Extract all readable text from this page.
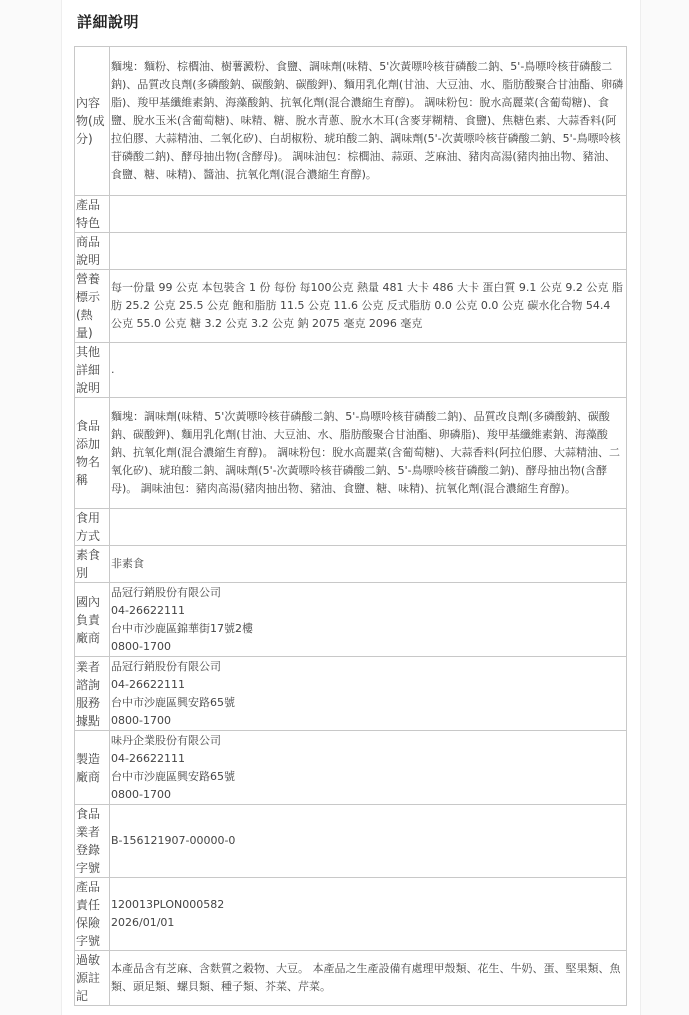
詳細說明
內容物(成分)	麵塊：麵粉、棕櫚油、樹薯澱粉、食鹽、調味劑(味精、5'次黃嘌呤核苷磷酸二鈉、5'-鳥嘌呤核苷磷酸二鈉)、品質改良劑(多磷酸鈉、碳酸鈉、碳酸鉀)、麵用乳化劑(甘油、大豆油、水、脂肪酸聚合甘油酯、卵磷脂)、羧甲基纖維素鈉、海藻酸鈉、抗氧化劑(混合濃縮生育醇)。 調味粉包：脫水高麗菜(含葡萄糖)、食鹽、脫水玉米(含葡萄糖)、味精、糖、脫水青蔥、脫水木耳(含麥芽糊精、食鹽)、焦糖色素、大蒜香料(阿拉伯膠、大蒜精油、二氧化矽)、白胡椒粉、琥珀酸二鈉、調味劑(5'-次黃嘌呤核苷磷酸二鈉、5'-鳥嘌呤核苷磷酸二鈉)、酵母抽出物(含酵母)。 調味油包：棕櫚油、蒜頭、芝麻油、豬肉高湯(豬肉抽出物、豬油、食鹽、糖、味精)、醬油、抗氧化劑(混合濃縮生育醇)。
產品特色	
商品說明	
營養標示(熱量)	每一份量 99 公克 本包裝含 1 份 每份 每100公克 熱量 481 大卡 486 大卡 蛋白質 9.1 公克 9.2 公克 脂肪 25.2 公克 25.5 公克 飽和脂肪 11.5 公克 11.6 公克 反式脂肪 0.0 公克 0.0 公克 碳水化合物 54.4 公克 55.0 公克 糖 3.2 公克 3.2 公克 鈉 2075 毫克 2096 毫克
其他詳細說明	.
食品添加物名稱	麵塊：調味劑(味精、5'次黃嘌呤核苷磷酸二鈉、5'-鳥嘌呤核苷磷酸二鈉)、品質改良劑(多磷酸鈉、碳酸鈉、碳酸鉀)、麵用乳化劑(甘油、大豆油、水、脂肪酸聚合甘油酯、卵磷脂)、羧甲基纖維素鈉、海藻酸鈉、抗氧化劑(混合濃縮生育醇)。 調味粉包：脫水高麗菜(含葡萄糖)、大蒜香料(阿拉伯膠、大蒜精油、二氧化矽)、琥珀酸二鈉、調味劑(5'-次黃嘌呤核苷磷酸二鈉、5'-鳥嘌呤核苷磷酸二鈉)、酵母抽出物(含酵母)。 調味油包：豬肉高湯(豬肉抽出物、豬油、食鹽、糖、味精)、抗氧化劑(混合濃縮生育醇)。
食用方式	
素食別	非素食
國內負責廠商	品冠行銷股份有限公司
04-26622111
台中市沙鹿區錦華街17號2樓
0800-1700

業者諮詢服務據點	品冠行銷股份有限公司
04-26622111
台中市沙鹿區興安路65號
0800-1700

製造廠商	味丹企業股份有限公司
04-26622111
台中市沙鹿區興安路65號
0800-1700

食品業者登錄字號	B-156121907-00000-0
產品責任保險字號	120013PLON000582
2026/01/01

過敏源註記	本產品含有芝麻、含麩質之穀物、大豆。 本產品之生產設備有處理甲殼類、花生、牛奶、蛋、堅果類、魚類、頭足類、螺貝類、種子類、芥菜、芹菜。
